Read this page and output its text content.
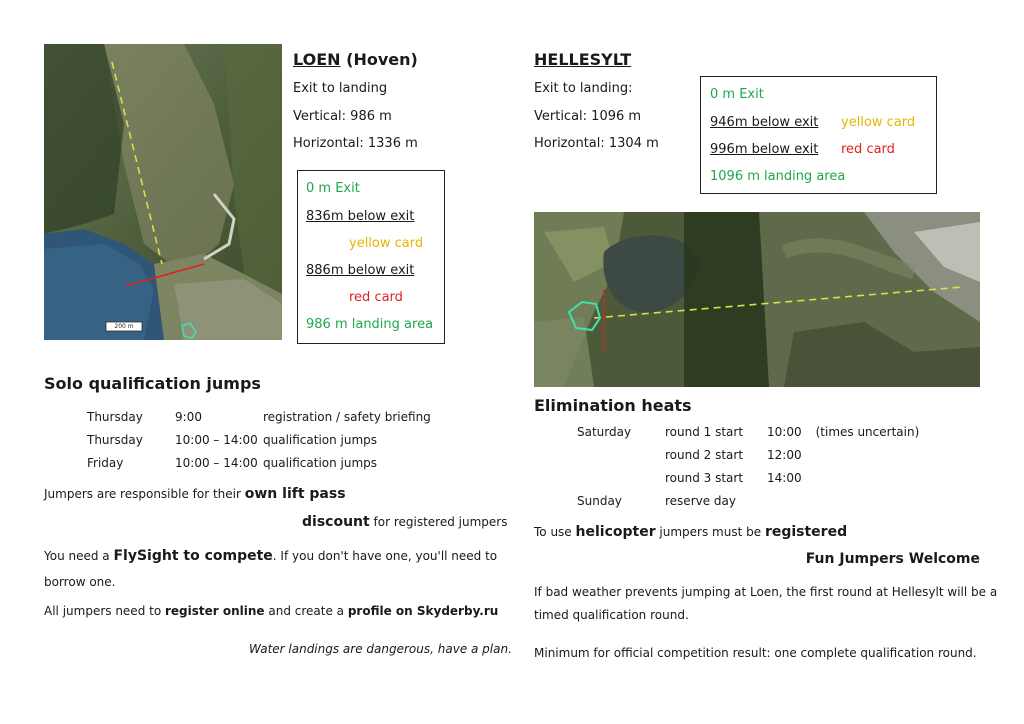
200 m
LOEN (Hoven)
Exit to landing
Vertical: 986 m
Horizontal: 1336 m
0 m Exit
836m below exit
yellow card
886m below exit
red card
986 m landing area
HELLESYLT
Exit to landing:
Vertical: 1096 m
Horizontal: 1304 m
0 m Exit
946m below exit yellow card
996m below exit red card
1096 m landing area
Solo qualification jumps
Thursday	9:00	registration / safety briefing
Thursday	10:00 – 14:00	qualification jumps
Friday	10:00 – 14:00	qualification jumps
Jumpers are responsible for their own lift pass
discount for registered jumpers
You need a FlySight to compete. If you don't have one, you'll need to
borrow one.
All jumpers need to register online and create a profile on Skyderby.ru
Water landings are dangerous, have a plan.
Elimination heats
Saturday	round 1 start	10:00	(times uncertain)
	round 2 start	12:00	
	round 3 start	14:00	
Sunday	reserve day		
To use helicopter jumpers must be registered
Fun Jumpers Welcome
If bad weather prevents jumping at Loen, the first round at Hellesylt will be a
timed qualification round.
Minimum for official competition result: one complete qualification round.
